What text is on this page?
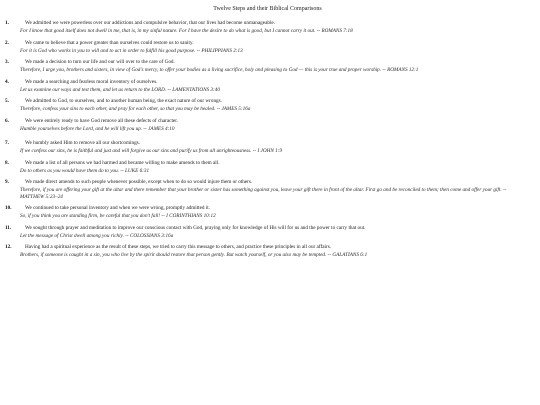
Twelve Steps and their Biblical Comparisons
1.	We admitted we were powerless over our addictions and compulsive behavior, that our lives had become unmanageable.
For I know that good itself does not dwell in me, that is, in my sinful nature. For I have the desire to do what is good, but I cannot carry it out. -- ROMANS 7:18
2.	We came to believe that a power greater than ourselves could restore us to sanity.
For it is God who works in you to will and to act in order to fulfill his good purpose. -- PHILIPPIANS 2:13
3.	We made a decision to turn our life and our will over to the care of God.
Therefore, I urge you, brothers and sisters, in view of God's mercy, to offer your bodies as a living sacrifice, holy and pleasing to God — this is your true and proper worship. -- ROMANS 12:1
4.	We made a searching and fearless moral inventory of ourselves.
Let us examine our ways and test them, and let us return to the LORD. -- LAMENTATIONS 3:40
5.	We admitted to God, to ourselves, and to another human being, the exact nature of our wrongs.
Therefore, confess your sins to each other, and pray for each other, so that you may be healed. -- JAMES 5:16a
6.	We were entirely ready to have God remove all these defects of character.
Humble yourselves before the Lord, and he will lift you up. -- JAMES 4:10
7.	We humbly asked Him to remove all our shortcomings.
If we confess our sins, he is faithful and just and will forgive us our sins and purify us from all unrighteousness. -- I JOHN 1:9
8.	We made a list of all persons we had harmed and became willing to make amends to them all.
Do to others as you would have them do to you. -- LUKE 6:31
9.	We made direct amends to such people whenever possible, except when to do so would injure them or others.
Therefore, if you are offering your gift at the altar and there remember that your brother or sister has something against you, leave your gift there in front of the altar. First go and be reconciled to them; then come and offer your gift. -- MATTHEW 5:23–24
10.	We continued to take personal inventory and when we were wrong, promptly admitted it.
So, if you think you are standing firm, be careful that you don't fall! -- I CORINTHIANS 10:12
11.	We sought through prayer and meditation to improve our conscious contact with God, praying only for knowledge of His will for us and the power to carry that out.
Let the message of Christ dwell among you richly. -- COLOSSIANS 3:16a
12.	Having had a spiritual experience as the result of these steps, we tried to carry this message to others, and practice these principles in all our affairs.
Brothers, if someone is caught in a sin, you who live by the spirit should restore that person gently. But watch yourself, or you also may be tempted. -- GALATIANS 6:1
